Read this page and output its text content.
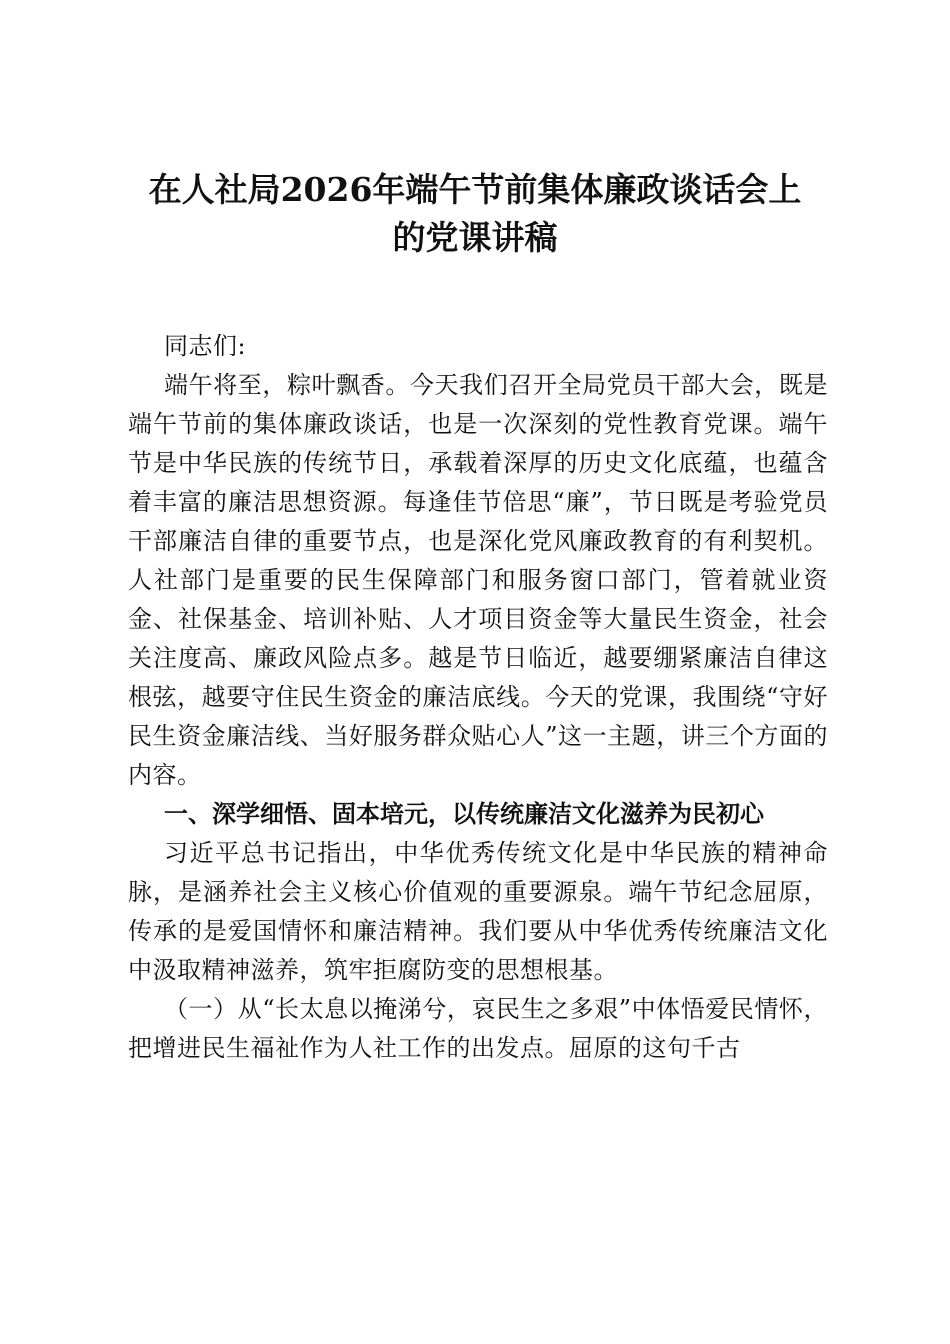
在人社局2026年端午节前集体廉政谈话会上
的党课讲稿

同志们:

端午将至，粽叶飘香。今天我们召开全局党员干部大会，既是端午节前的集体廉政谈话，也是一次深刻的党性教育党课。端午节是中华民族的传统节日，承载着深厚的历史文化底蕴，也蕴含着丰富的廉洁思想资源。每逢佳节倍思“廉”，节日既是考验党员干部廉洁自律的重要节点，也是深化党风廉政教育的有利契机。人社部门是重要的民生保障部门和服务窗口部门，管着就业资金、社保基金、培训补贴、人才项目资金等大量民生资金，社会关注度高、廉政风险点多。越是节日临近，越要绷紧廉洁自律这根弦，越要守住民生资金的廉洁底线。今天的党课，我围绕“守好民生资金廉洁线、当好服务群众贴心人”这一主题，讲三个方面的内容。

一、深学细悟、固本培元，以传统廉洁文化滋养为民初心

习近平总书记指出，中华优秀传统文化是中华民族的精神命脉，是涵养社会主义核心价值观的重要源泉。端午节纪念屈原，传承的是爱国情怀和廉洁精神。我们要从中华优秀传统廉洁文化中汲取精神滋养，筑牢拒腐防变的思想根基。

（一）从“长太息以掩涕兮，哀民生之多艰”中体悟爱民情怀，把增进民生福祉作为人社工作的出发点。屈原的这句千古
